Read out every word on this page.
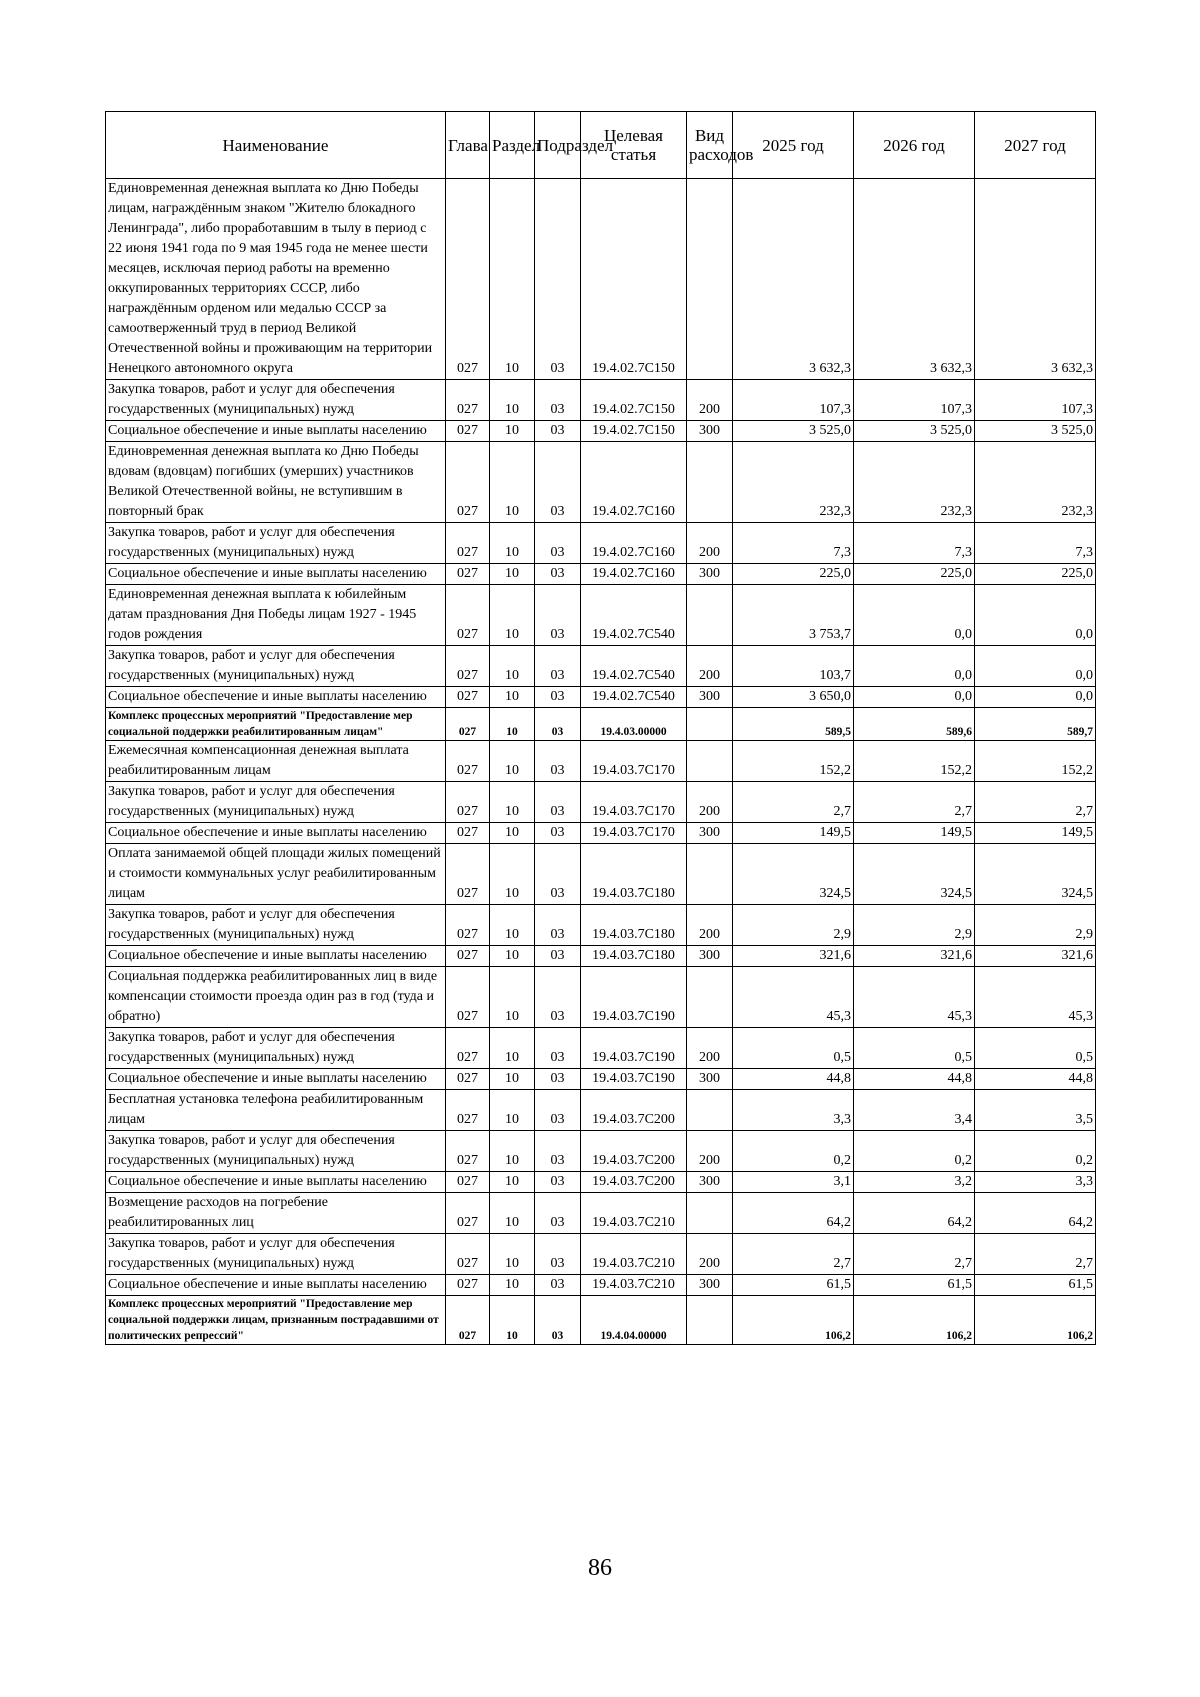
Наименование	Глава	Раздел	Подраздел	Целевая статья	Вид расходов	2025 год	2026 год	2027 год
Единовременная денежная выплата ко Дню Победы лицам, награждённым знаком "Жителю блокадного Ленинграда", либо проработавшим в тылу в период с 22 июня 1941 года по 9 мая 1945 года не менее шести месяцев, исключая период работы на временно оккупированных территориях СССР, либо награждённым орденом или медалью СССР за самоотверженный труд в период Великой Отечественной войны и проживающим на территории Ненецкого автономного округа	027	10	03	19.4.02.7С150		3 632,3	3 632,3	3 632,3
Закупка товаров, работ и услуг для обеспечения государственных (муниципальных) нужд	027	10	03	19.4.02.7С150	200	107,3	107,3	107,3
Социальное обеспечение и иные выплаты населению	027	10	03	19.4.02.7С150	300	3 525,0	3 525,0	3 525,0
Единовременная денежная выплата ко Дню Победы вдовам (вдовцам) погибших (умерших) участников Великой Отечественной войны, не вступившим в повторный брак	027	10	03	19.4.02.7С160		232,3	232,3	232,3
Закупка товаров, работ и услуг для обеспечения государственных (муниципальных) нужд	027	10	03	19.4.02.7С160	200	7,3	7,3	7,3
Социальное обеспечение и иные выплаты населению	027	10	03	19.4.02.7С160	300	225,0	225,0	225,0
Единовременная денежная выплата к юбилейным датам празднования Дня Победы лицам 1927 - 1945 годов рождения	027	10	03	19.4.02.7С540		3 753,7	0,0	0,0
Закупка товаров, работ и услуг для обеспечения государственных (муниципальных) нужд	027	10	03	19.4.02.7С540	200	103,7	0,0	0,0
Социальное обеспечение и иные выплаты населению	027	10	03	19.4.02.7С540	300	3 650,0	0,0	0,0
Комплекс процессных мероприятий "Предоставление мер социальной поддержки реабилитированным лицам"	027	10	03	19.4.03.00000		589,5	589,6	589,7
Ежемесячная компенсационная денежная выплата реабилитированным лицам	027	10	03	19.4.03.7С170		152,2	152,2	152,2
Закупка товаров, работ и услуг для обеспечения государственных (муниципальных) нужд	027	10	03	19.4.03.7С170	200	2,7	2,7	2,7
Социальное обеспечение и иные выплаты населению	027	10	03	19.4.03.7С170	300	149,5	149,5	149,5
Оплата занимаемой общей площади жилых помещений и стоимости коммунальных услуг реабилитированным лицам	027	10	03	19.4.03.7С180		324,5	324,5	324,5
Закупка товаров, работ и услуг для обеспечения государственных (муниципальных) нужд	027	10	03	19.4.03.7С180	200	2,9	2,9	2,9
Социальное обеспечение и иные выплаты населению	027	10	03	19.4.03.7С180	300	321,6	321,6	321,6
Социальная поддержка реабилитированных лиц в виде компенсации стоимости проезда один раз в год (туда и обратно)	027	10	03	19.4.03.7С190		45,3	45,3	45,3
Закупка товаров, работ и услуг для обеспечения государственных (муниципальных) нужд	027	10	03	19.4.03.7С190	200	0,5	0,5	0,5
Социальное обеспечение и иные выплаты населению	027	10	03	19.4.03.7С190	300	44,8	44,8	44,8
Бесплатная установка телефона реабилитированным лицам	027	10	03	19.4.03.7С200		3,3	3,4	3,5
Закупка товаров, работ и услуг для обеспечения государственных (муниципальных) нужд	027	10	03	19.4.03.7С200	200	0,2	0,2	0,2
Социальное обеспечение и иные выплаты населению	027	10	03	19.4.03.7С200	300	3,1	3,2	3,3
Возмещение расходов на погребение реабилитированных лиц	027	10	03	19.4.03.7С210		64,2	64,2	64,2
Закупка товаров, работ и услуг для обеспечения государственных (муниципальных) нужд	027	10	03	19.4.03.7С210	200	2,7	2,7	2,7
Социальное обеспечение и иные выплаты населению	027	10	03	19.4.03.7С210	300	61,5	61,5	61,5
Комплекс процессных мероприятий "Предоставление мер социальной поддержки лицам, признанным пострадавшими от политических репрессий"	027	10	03	19.4.04.00000		106,2	106,2	106,2
86
